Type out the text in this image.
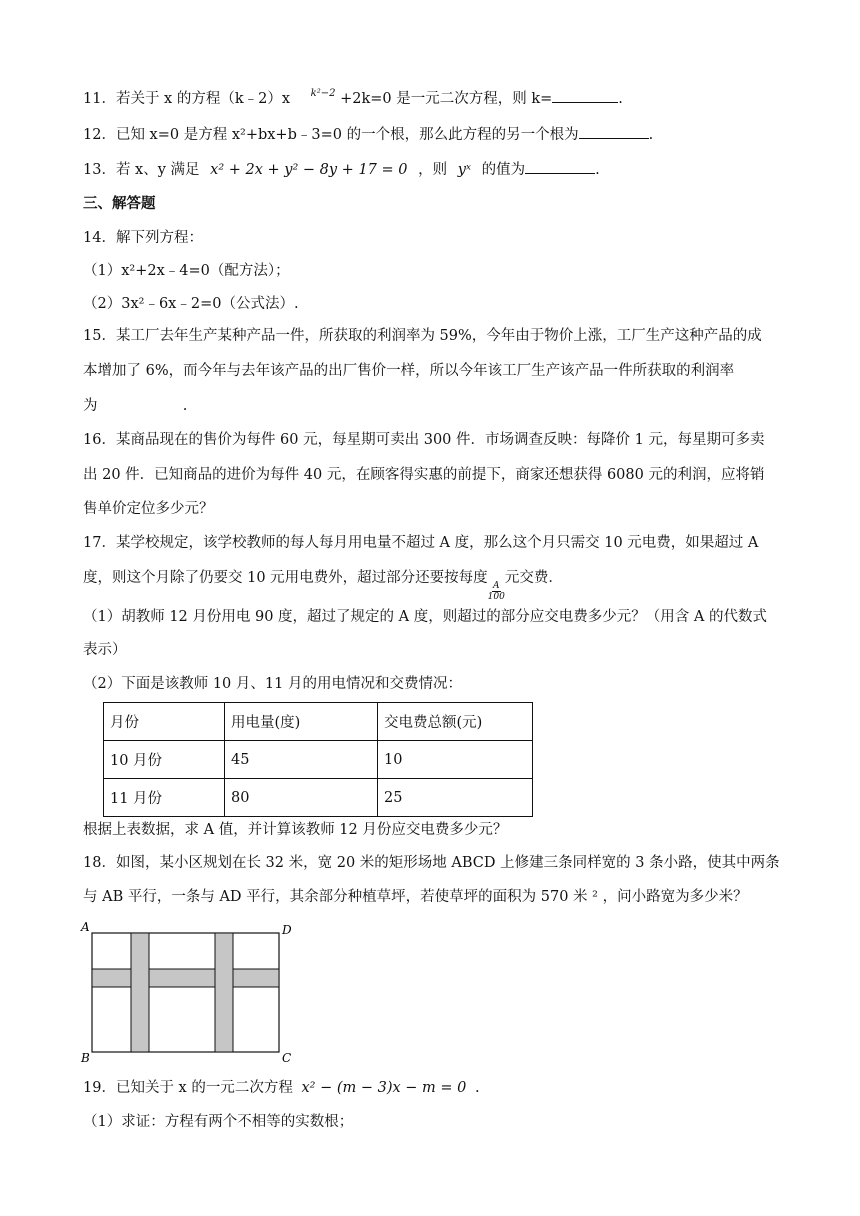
11．若关于 x 的方程（k﹣2）x $^{k^2-2}$ +2k=0 是一元二次方程，则 k=	.
12．已知 x=0 是方程 x²+bx+b﹣3=0 的一个根，那么此方程的另一个根为	.
13．若 x、y 满足 x² + 2x + y² − 8y + 17 = 0 ，则 yˣ 的值为	.
三、解答题
14．解下列方程：
（1）x²+2x﹣4=0（配方法）；
（2）3x²﹣6x﹣2=0（公式法）.
15．某工厂去年生产某种产品一件，所获取的利润率为 59%，今年由于物价上涨，工厂生产这种产品的成
本增加了 6%，而今年与去年该产品的出厂售价一样，所以今年该工厂生产该产品一件所获取的利润率
为	.
16．某商品现在的售价为每件 60 元，每星期可卖出 300 件．市场调查反映：每降价 1 元，每星期可多卖
出 20 件．已知商品的进价为每件 40 元，在顾客得实惠的前提下，商家还想获得 6080 元的利润，应将销
售单价定位多少元？
17．某学校规定，该学校教师的每人每月用电量不超过 A 度，那么这个月只需交 10 元电费，如果超过 A
度，则这个月除了仍要交 10 元用电费外，超过部分还要按每度
$\frac{A}{100}$
元交费．
（1）胡教师 12 月份用电 90 度，超过了规定的 A 度，则超过的部分应交电费多少元？（用含 A 的代数式
表示）
（2）下面是该教师 10 月、11 月的用电情况和交费情况：
月份	用电量(度)	交电费总额(元)
10 月份	45	10
11 月份	80	25
根据上表数据，求 A 值，并计算该教师 12 月份应交电费多少元？
18．如图，某小区规划在长 32 米，宽 20 米的矩形场地 ABCD 上修建三条同样宽的 3 条小路，使其中两条
与 AB 平行，一条与 AD 平行，其余部分种植草坪，若使草坪的面积为 570 米 ² ，问小路宽为多少米？
A	D
B	C
19．已知关于 x 的一元二次方程 x² − (m − 3)x − m = 0 .
（1）求证：方程有两个不相等的实数根；
